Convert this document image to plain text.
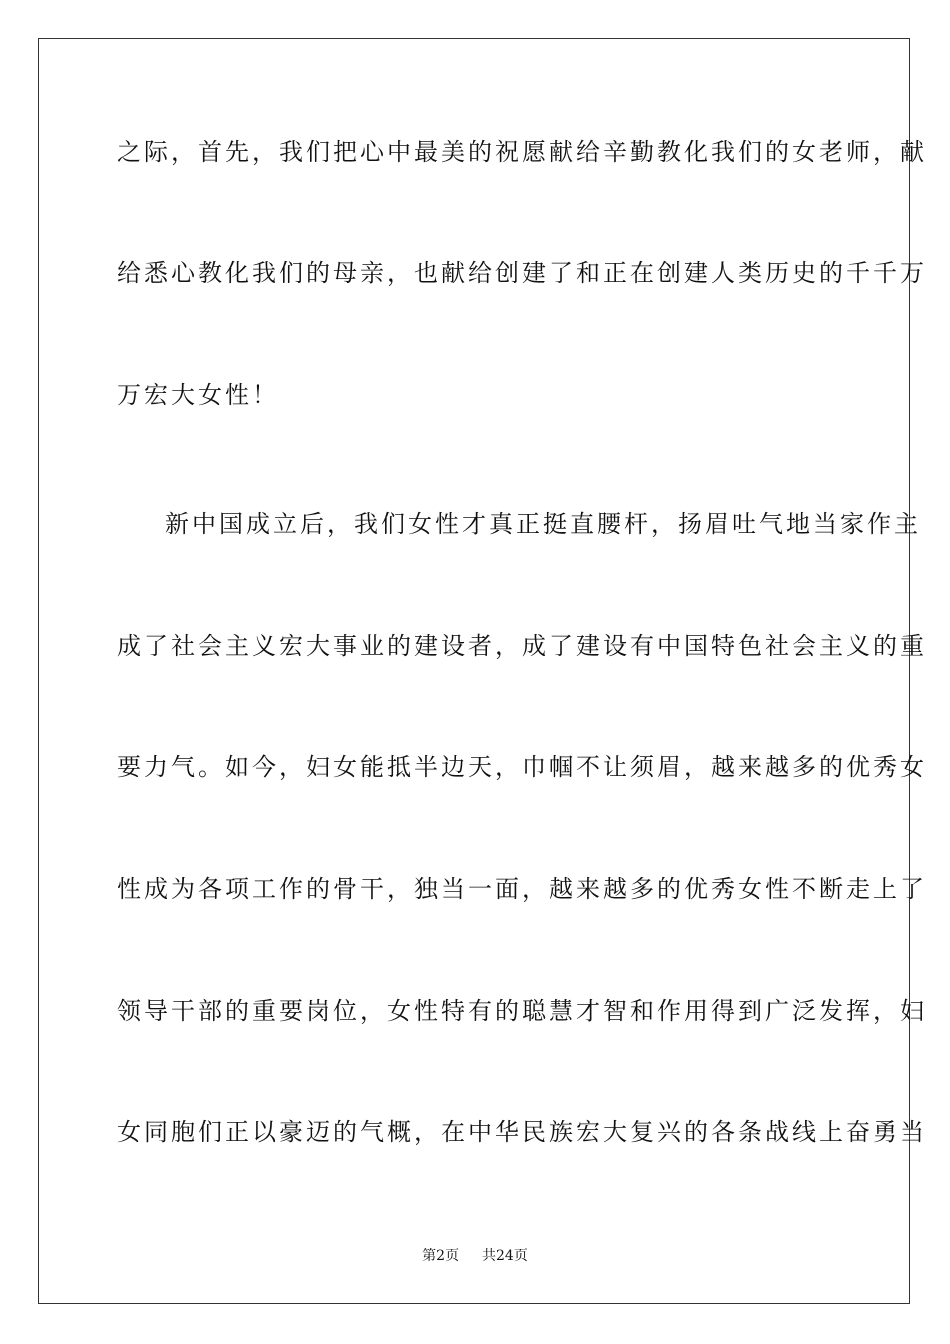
之际，首先，我们把心中最美的祝愿献给辛勤教化我们的女老师，献
给悉心教化我们的母亲，也献给创建了和正在创建人类历史的千千万
万宏大女性！
新中国成立后，我们女性才真正挺直腰杆，扬眉吐气地当家作主
成了社会主义宏大事业的建设者，成了建设有中国特色社会主义的重
要力气。如今，妇女能抵半边天，巾帼不让须眉，越来越多的优秀女
性成为各项工作的骨干，独当一面，越来越多的优秀女性不断走上了
领导干部的重要岗位，女性特有的聪慧才智和作用得到广泛发挥，妇
女同胞们正以豪迈的气概，在中华民族宏大复兴的各条战线上奋勇当
第2页 共24页
